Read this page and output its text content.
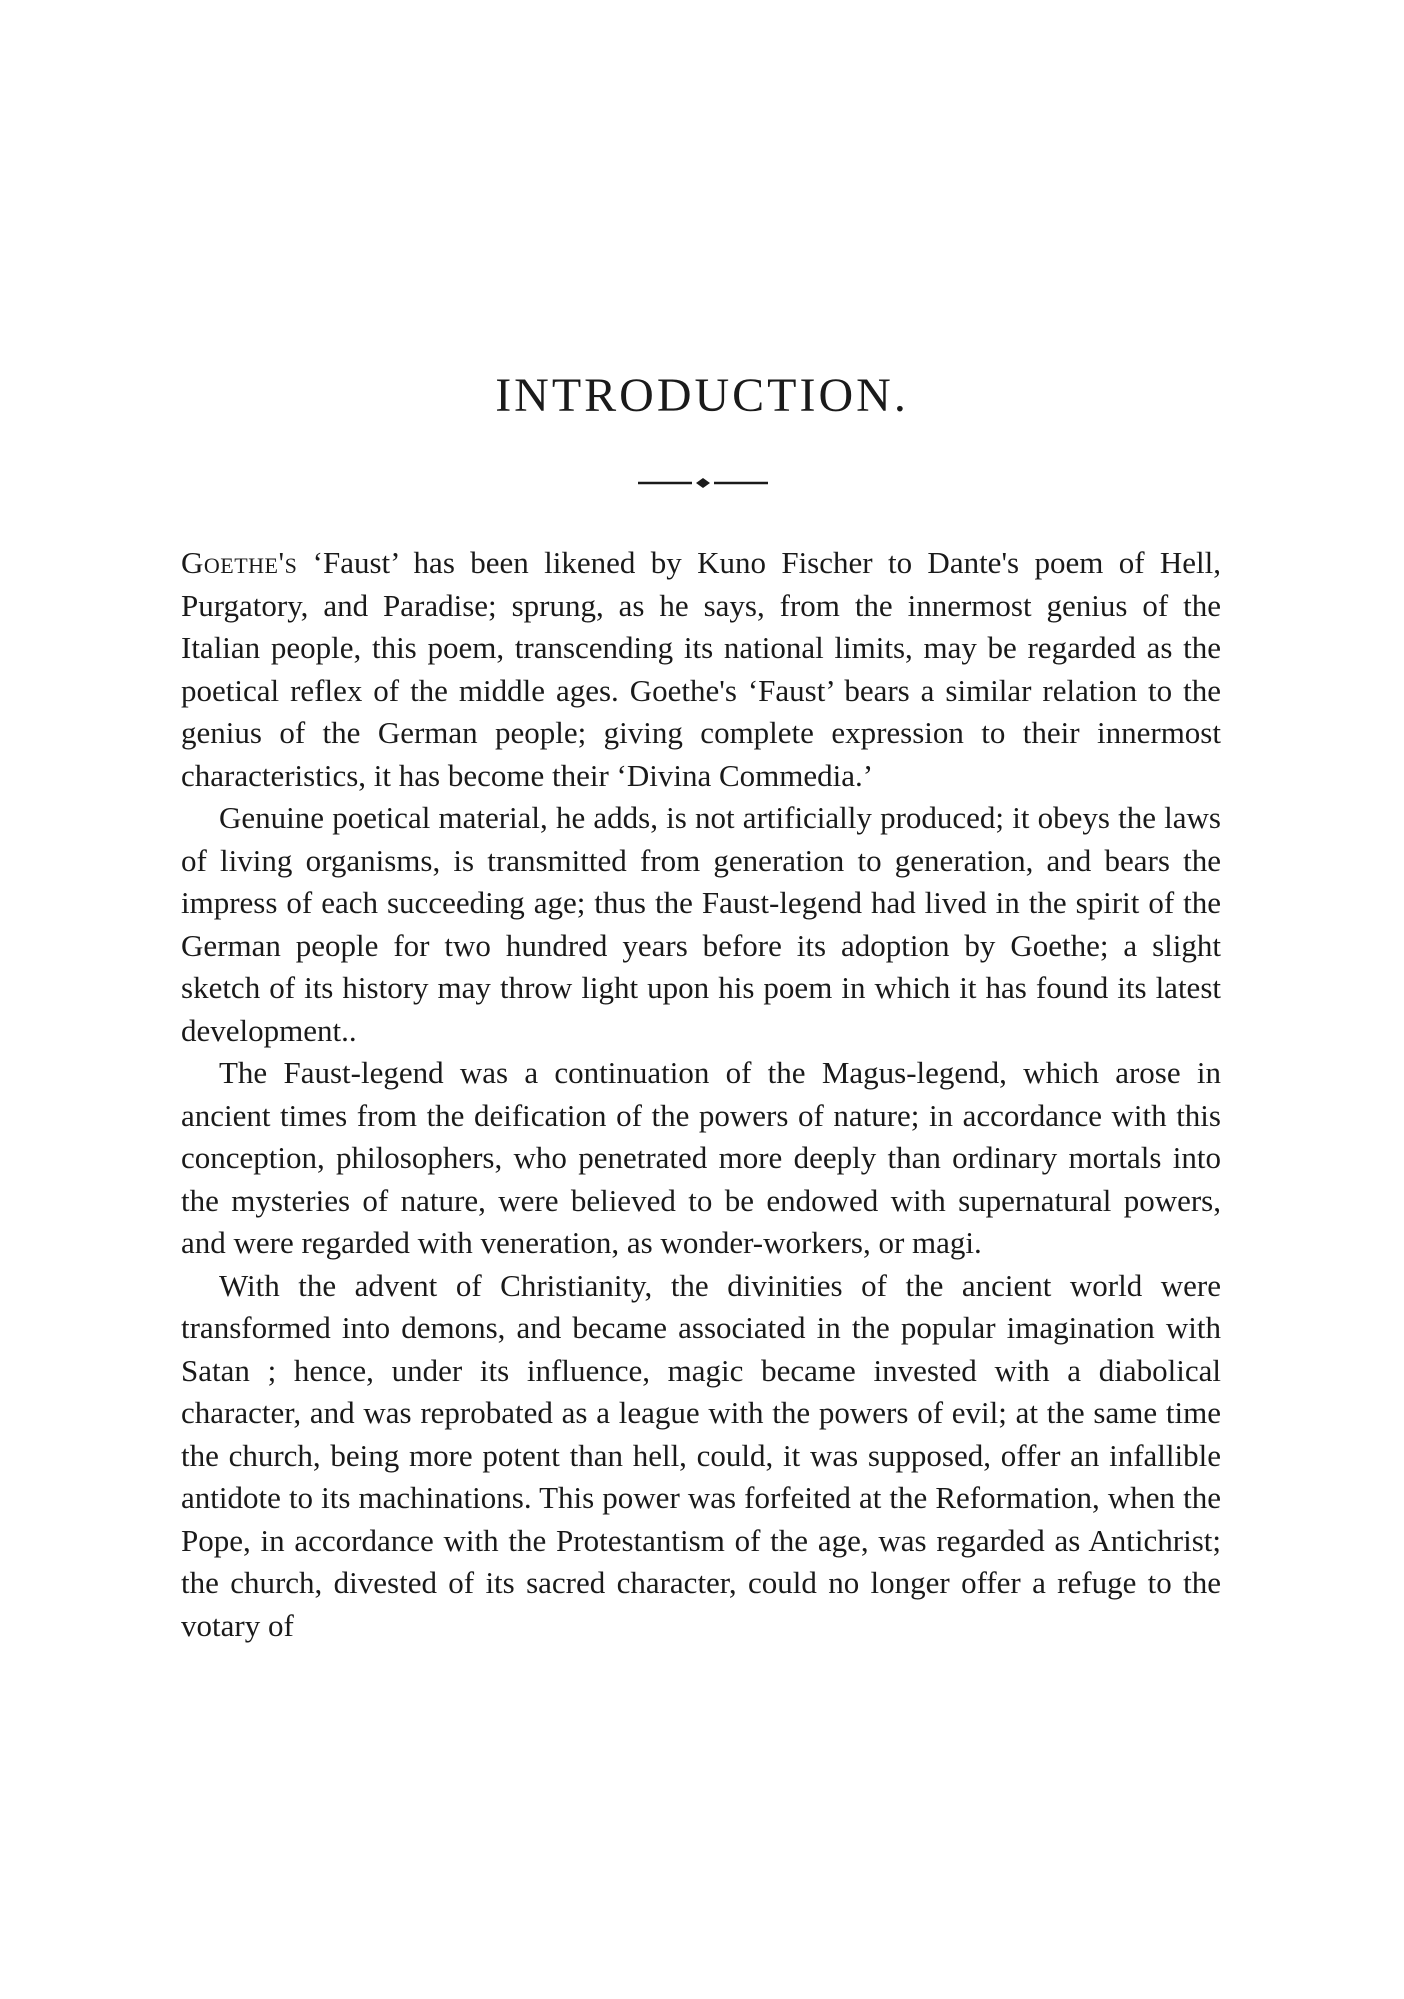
INTRODUCTION.

Goethe's ‘Faust’ has been likened by Kuno Fischer to Dante's poem of Hell, Purgatory, and Paradise; sprung, as he says, from the innermost genius of the Italian people, this poem, transcending its national limits, may be regarded as the poetical reflex of the middle ages. Goethe's ‘Faust’ bears a similar relation to the genius of the German people; giving complete expression to their innermost characteristics, it has become their ‘Divina Commedia.’

Genuine poetical material, he adds, is not artificially produced; it obeys the laws of living organisms, is transmitted from generation to generation, and bears the impress of each succeeding age; thus the Faust-legend had lived in the spirit of the German people for two hundred years before its adoption by Goethe; a slight sketch of its history may throw light upon his poem in which it has found its latest development..

The Faust-legend was a continuation of the Magus-legend, which arose in ancient times from the deification of the powers of nature; in accordance with this conception, philosophers, who penetrated more deeply than ordinary mortals into the mysteries of nature, were believed to be endowed with supernatural powers, and were regarded with veneration, as wonder-workers, or magi.

With the advent of Christianity, the divinities of the ancient world were transformed into demons, and became associated in the popular imagination with Satan ; hence, under its influence, magic became invested with a diabolical character, and was reprobated as a league with the powers of evil; at the same time the church, being more potent than hell, could, it was supposed, offer an infallible antidote to its machinations. This power was forfeited at the Reformation, when the Pope, in accordance with the Protestantism of the age, was regarded as Antichrist; the church, divested of its sacred character, could no longer offer a refuge to the votary of
